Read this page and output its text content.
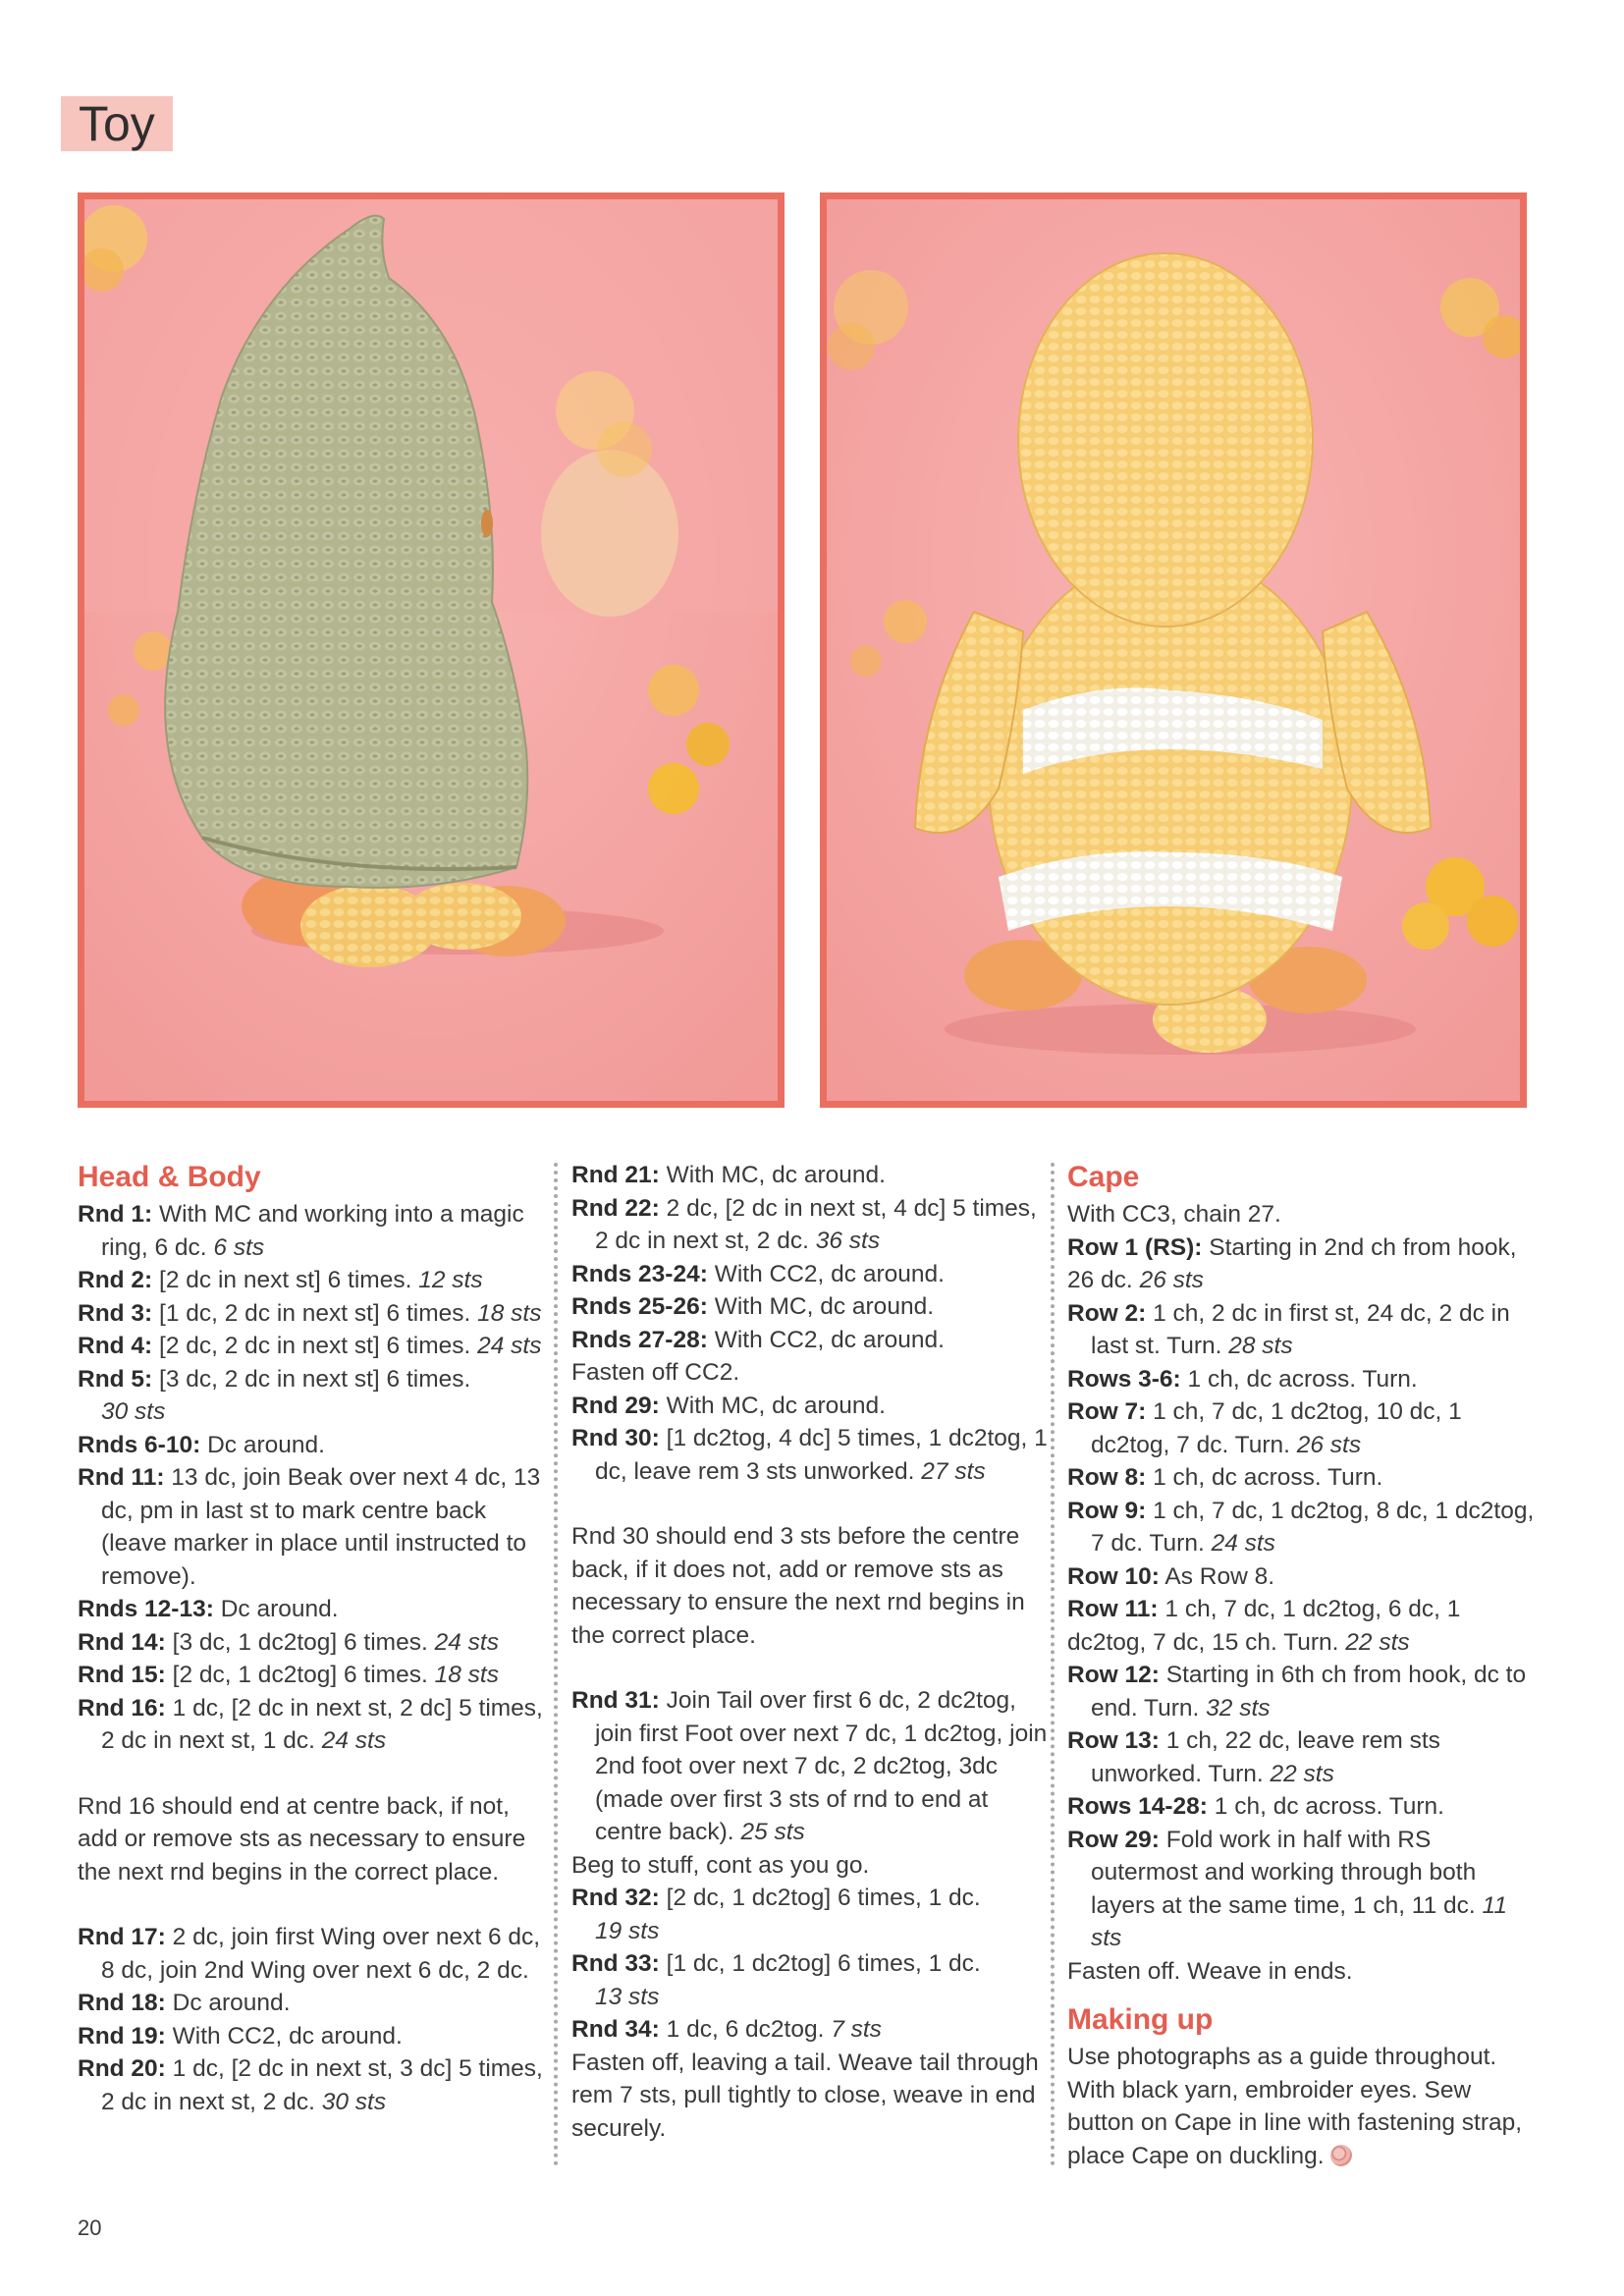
Toy
Head & Body
Rnd 1: With MC and working into a magic ring, 6 dc. 6 sts
Rnd 2: [2 dc in next st] 6 times. 12 sts
Rnd 3: [1 dc, 2 dc in next st] 6 times. 18 sts
Rnd 4: [2 dc, 2 dc in next st] 6 times. 24 sts
Rnd 5: [3 dc, 2 dc in next st] 6 times.
30 sts
Rnds 6-10: Dc around.
Rnd 11: 13 dc, join Beak over next 4 dc, 13 dc, pm in last st to mark centre back (leave marker in place until instructed to remove).
Rnds 12-13: Dc around.
Rnd 14: [3 dc, 1 dc2tog] 6 times. 24 sts
Rnd 15: [2 dc, 1 dc2tog] 6 times. 18 sts
Rnd 16: 1 dc, [2 dc in next st, 2 dc] 5 times, 2 dc in next st, 1 dc. 24 sts
Rnd 16 should end at centre back, if not, add or remove sts as necessary to ensure the next rnd begins in the correct place.
Rnd 17: 2 dc, join first Wing over next 6 dc, 8 dc, join 2nd Wing over next 6 dc, 2 dc.
Rnd 18: Dc around.
Rnd 19: With CC2, dc around.
Rnd 20: 1 dc, [2 dc in next st, 3 dc] 5 times, 2 dc in next st, 2 dc. 30 sts
Rnd 21: With MC, dc around.
Rnd 22: 2 dc, [2 dc in next st, 4 dc] 5 times, 2 dc in next st, 2 dc. 36 sts
Rnds 23-24: With CC2, dc around.
Rnds 25-26: With MC, dc around.
Rnds 27-28: With CC2, dc around.
Fasten off CC2.
Rnd 29: With MC, dc around.
Rnd 30: [1 dc2tog, 4 dc] 5 times, 1 dc2tog, 1 dc, leave rem 3 sts unworked. 27 sts
Rnd 30 should end 3 sts before the centre back, if it does not, add or remove sts as necessary to ensure the next rnd begins in the correct place.
Rnd 31: Join Tail over first 6 dc, 2 dc2tog, join first Foot over next 7 dc, 1 dc2tog, join 2nd foot over next 7 dc, 2 dc2tog, 3dc (made over first 3 sts of rnd to end at centre back). 25 sts
Beg to stuff, cont as you go.
Rnd 32: [2 dc, 1 dc2tog] 6 times, 1 dc.
19 sts
Rnd 33: [1 dc, 1 dc2tog] 6 times, 1 dc.
13 sts
Rnd 34: 1 dc, 6 dc2tog. 7 sts
Fasten off, leaving a tail. Weave tail through rem 7 sts, pull tightly to close, weave in end securely.
Cape
With CC3, chain 27.
Row 1 (RS): Starting in 2nd ch from hook, 26 dc. 26 sts
Row 2: 1 ch, 2 dc in first st, 24 dc, 2 dc in last st. Turn. 28 sts
Rows 3-6: 1 ch, dc across. Turn.
Row 7: 1 ch, 7 dc, 1 dc2tog, 10 dc, 1 dc2tog, 7 dc. Turn. 26 sts
Row 8: 1 ch, dc across. Turn.
Row 9: 1 ch, 7 dc, 1 dc2tog, 8 dc, 1 dc2tog, 7 dc. Turn. 24 sts
Row 10: As Row 8.
Row 11: 1 ch, 7 dc, 1 dc2tog, 6 dc, 1
dc2tog, 7 dc, 15 ch. Turn. 22 sts
Row 12: Starting in 6th ch from hook, dc to end. Turn. 32 sts
Row 13: 1 ch, 22 dc, leave rem sts unworked. Turn. 22 sts
Rows 14-28: 1 ch, dc across. Turn.
Row 29: Fold work in half with RS outermost and working through both layers at the same time, 1 ch, 11 dc. 11 sts
Fasten off. Weave in ends.
Making up
Use photographs as a guide throughout. With black yarn, embroider eyes. Sew button on Cape in line with fastening strap, place Cape on duckling.
20
